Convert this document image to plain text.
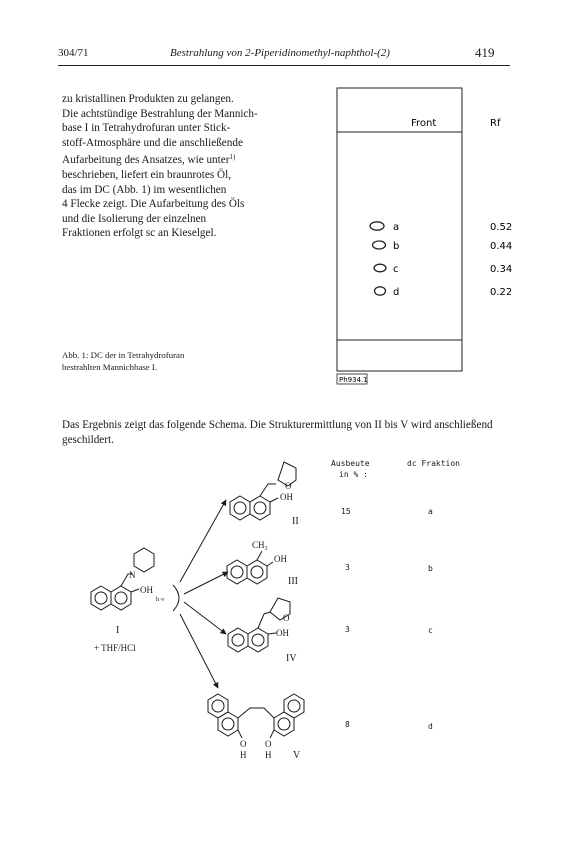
304/71	Bestrahlung von 2-Piperidinomethyl-naphthol-(2)	419
zu kristallinen Produkten zu gelangen.
Die achtstündige Bestrahlung der Mannich-
base I in Tetrahydrofuran unter Stick-
stoff-Atmosphäre und die anschließende
Aufarbeitung des Ansatzes, wie unter$^{1)}$
beschrieben, liefert ein braunrotes Öl,
das im DC (Abb. 1) im wesentlichen
4 Flecke zeigt. Die Aufarbeitung des Öls
und die Isolierung der einzelnen
Fraktionen erfolgt sc an Kieselgel.
Abb. 1: DC der in Tetrahydrofuran
bestrahlten Mannichbase I.
Front	Rf
a	0.52
b	0.44
c	0.34
d	0.22
Ph934.1
Das Ergebnis zeigt das folgende Schema. Die Strukturermittlung von II bis V wird anschließend geschildert.
N
OH
I
+ THF/HCl
h·ν
O
OH
II
$CH_3$
OH
III
O
OH
IV
O O
H H V
Ausbeute
in % :
dc Fraktion
15	a
3	b
3	c
8	d
